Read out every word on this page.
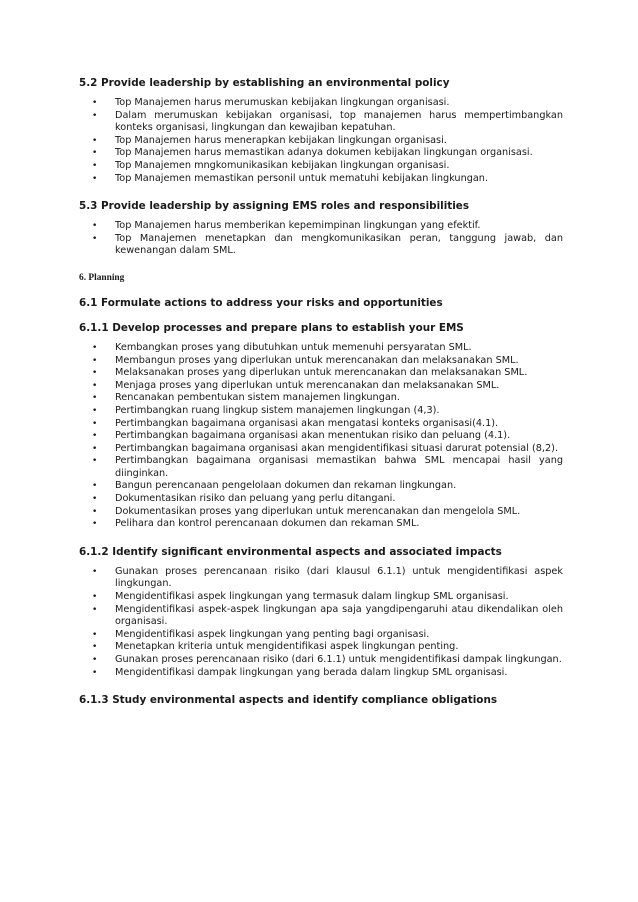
5.2 Provide leadership by establishing an environmental policy
• Top Manajemen harus merumuskan kebijakan lingkungan organisasi.
• Dalam merumuskan kebijakan organisasi, top manajemen harus mempertimbangkan konteks organisasi, lingkungan dan kewajiban kepatuhan.
• Top Manajemen harus menerapkan kebijakan lingkungan organisasi.
• Top Manajemen harus memastikan adanya dokumen kebijakan lingkungan organisasi.
• Top Manajemen mngkomunikasikan kebijakan lingkungan organisasi.
• Top Manajemen memastikan personil untuk mematuhi kebijakan lingkungan.
5.3 Provide leadership by assigning EMS roles and responsibilities
• Top Manajemen harus memberikan kepemimpinan lingkungan yang efektif.
• Top Manajemen menetapkan dan mengkomunikasikan peran, tanggung jawab, dan kewenangan dalam SML.
6. Planning
6.1 Formulate actions to address your risks and opportunities
6.1.1 Develop processes and prepare plans to establish your EMS
• Kembangkan proses yang dibutuhkan untuk memenuhi persyaratan SML.
• Membangun proses yang diperlukan untuk merencanakan dan melaksanakan SML.
• Melaksanakan proses yang diperlukan untuk merencanakan dan melaksanakan SML.
• Menjaga proses yang diperlukan untuk merencanakan dan melaksanakan SML.
• Rencanakan pembentukan sistem manajemen lingkungan.
• Pertimbangkan ruang lingkup sistem manajemen lingkungan (4,3).
• Pertimbangkan bagaimana organisasi akan mengatasi konteks organisasi(4.1).
• Pertimbangkan bagaimana organisasi akan menentukan risiko dan peluang (4.1).
• Pertimbangkan bagaimana organisasi akan mengidentifikasi situasi darurat potensial (8,2).
• Pertimbangkan bagaimana organisasi memastikan bahwa SML mencapai hasil yang diinginkan.
• Bangun perencanaan pengelolaan dokumen dan rekaman lingkungan.
• Dokumentasikan risiko dan peluang yang perlu ditangani.
• Dokumentasikan proses yang diperlukan untuk merencanakan dan mengelola SML.
• Pelihara dan kontrol perencanaan dokumen dan rekaman SML.
6.1.2 Identify significant environmental aspects and associated impacts
• Gunakan proses perencanaan risiko (dari klausul 6.1.1) untuk mengidentifikasi aspek lingkungan.
• Mengidentifikasi aspek lingkungan yang termasuk dalam lingkup SML organisasi.
• Mengidentifikasi aspek-aspek lingkungan apa saja yangdipengaruhi atau dikendalikan oleh organisasi.
• Mengidentifikasi aspek lingkungan yang penting bagi organisasi.
• Menetapkan kriteria untuk mengidentifikasi aspek lingkungan penting.
• Gunakan proses perencanaan risiko (dari 6.1.1) untuk mengidentifikasi dampak lingkungan.
• Mengidentifikasi dampak lingkungan yang berada dalam lingkup SML organisasi.
6.1.3 Study environmental aspects and identify compliance obligations
